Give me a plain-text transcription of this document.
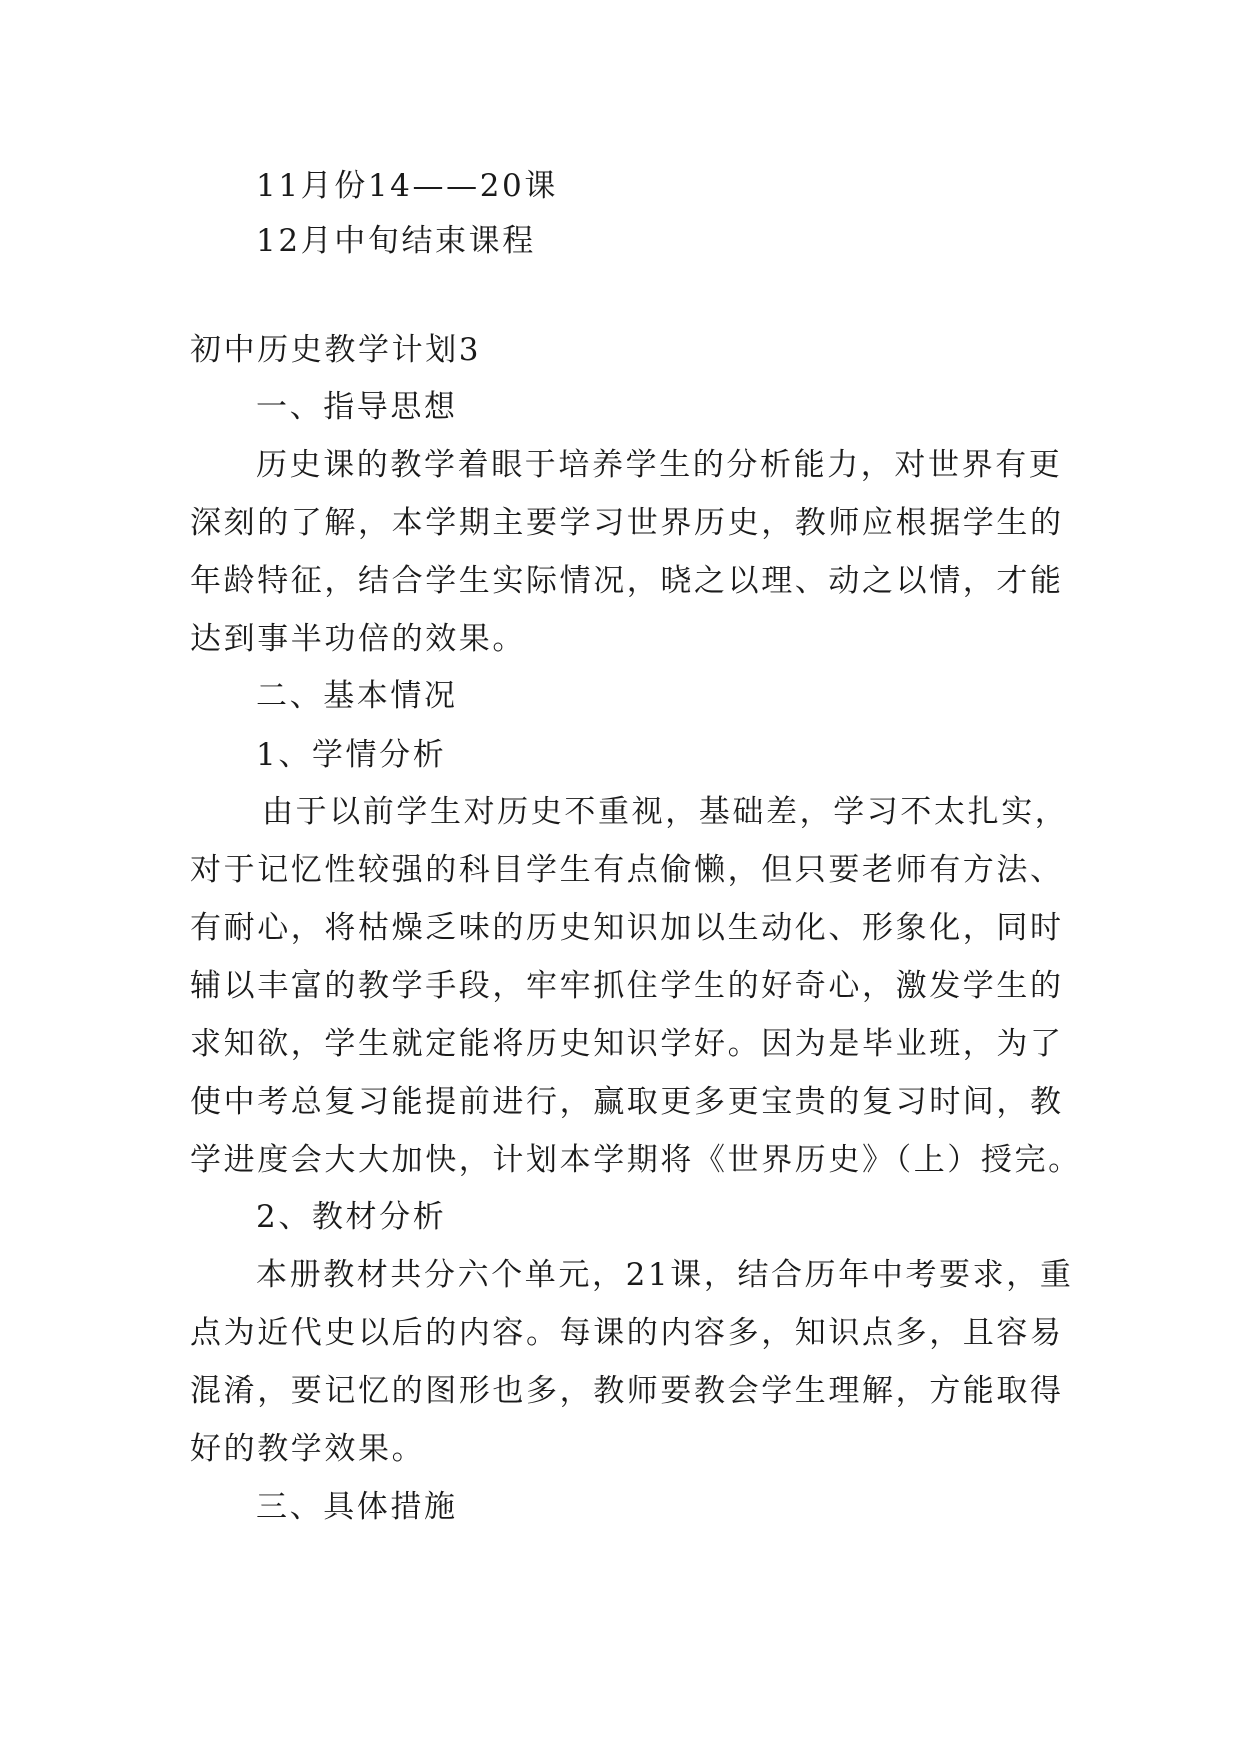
11月份14——20课
12月中旬结束课程
初中历史教学计划3
一、指导思想
历史课的教学着眼于培养学生的分析能力，对世界有更
深刻的了解，本学期主要学习世界历史，教师应根据学生的
年龄特征，结合学生实际情况，晓之以理、动之以情，才能
达到事半功倍的效果。
二、基本情况
1、学情分析
由于以前学生对历史不重视，基础差，学习不太扎实，
对于记忆性较强的科目学生有点偷懒，但只要老师有方法、
有耐心，将枯燥乏味的历史知识加以生动化、形象化，同时
辅以丰富的教学手段，牢牢抓住学生的好奇心，激发学生的
求知欲，学生就定能将历史知识学好。因为是毕业班，为了
使中考总复习能提前进行，赢取更多更宝贵的复习时间，教
学进度会大大加快，计划本学期将《世界历史》（上）授完。
2、教材分析
本册教材共分六个单元，21课，结合历年中考要求，重
点为近代史以后的内容。每课的内容多，知识点多，且容易
混淆，要记忆的图形也多，教师要教会学生理解，方能取得
好的教学效果。
三、具体措施
